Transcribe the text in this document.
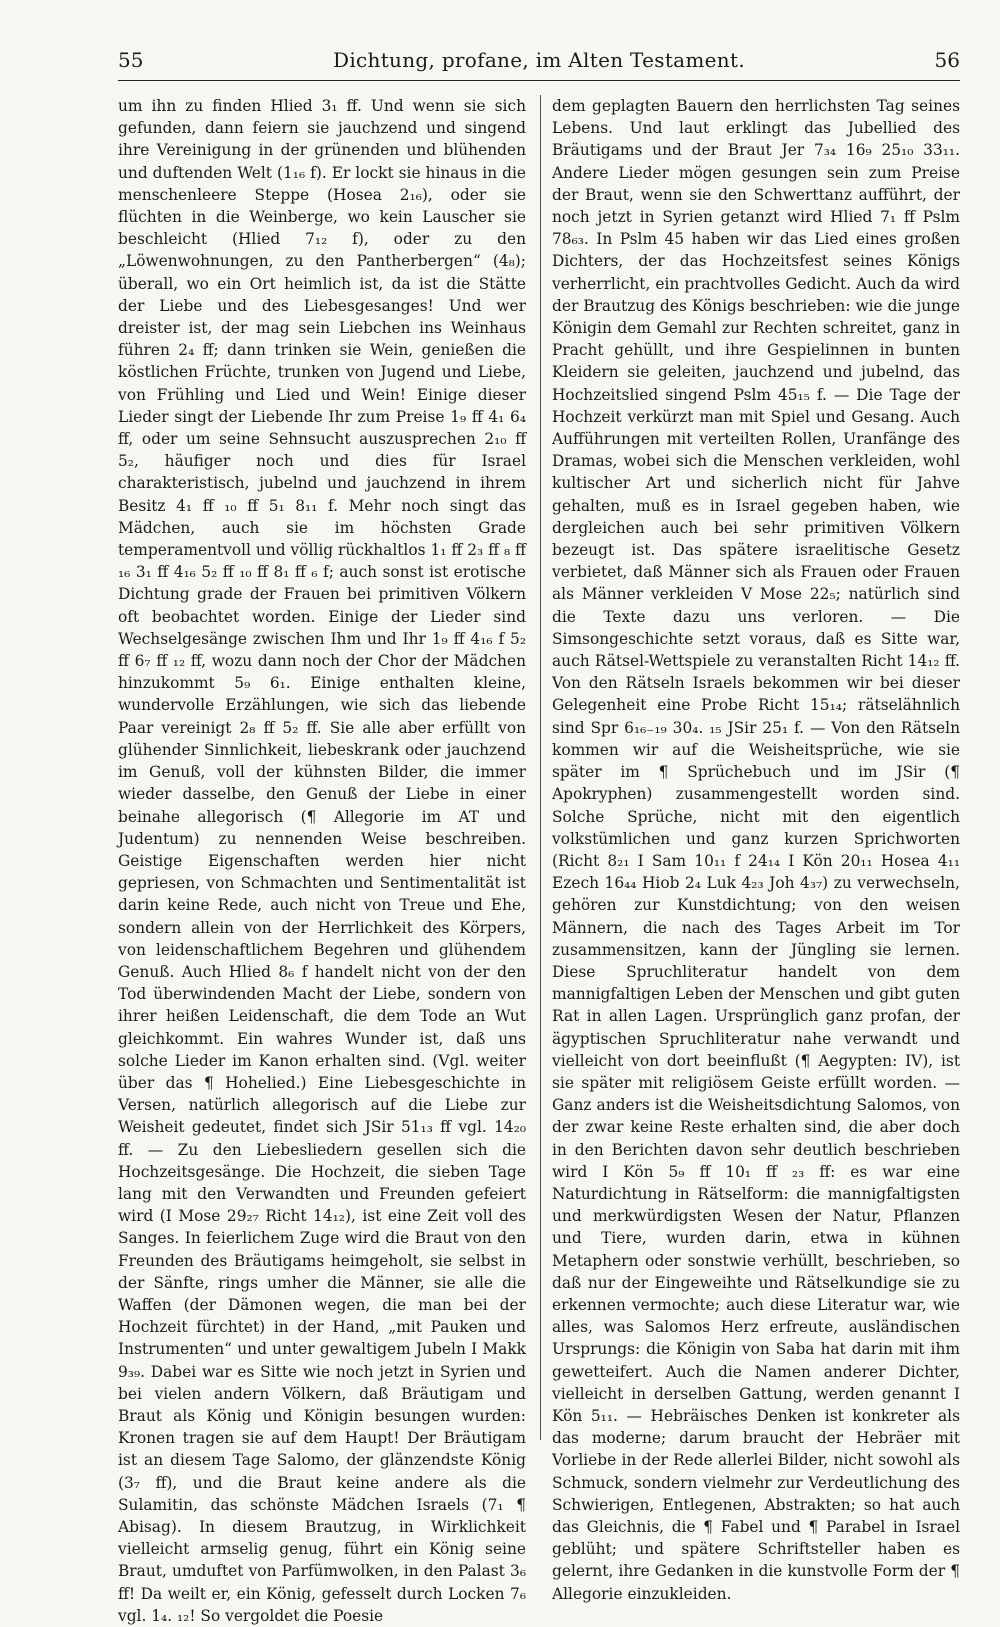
55	Dichtung, profane, im Alten Testament.	56

um ihn zu finden Hlied 3₁ ff. Und wenn sie sich gefunden, dann feiern sie jauchzend und singend ihre Vereinigung in der grünenden und blühenden und duftenden Welt (1₁₆ f). Er lockt sie hinaus in die menschenleere Steppe (Hosea 2₁₆), oder sie flüchten in die Weinberge, wo kein Lauscher sie beschleicht (Hlied 7₁₂ f), oder zu den „Löwenwohnungen, zu den Pantherbergen“ (4₈); überall, wo ein Ort heimlich ist, da ist die Stätte der Liebe und des Liebesgesanges! Und wer dreister ist, der mag sein Liebchen ins Weinhaus führen 2₄ ff; dann trinken sie Wein, genießen die köstlichen Früchte, trunken von Jugend und Liebe, von Frühling und Lied und Wein! Einige dieser Lieder singt der Liebende Ihr zum Preise 1₉ ff 4₁ 6₄ ff, oder um seine Sehnsucht auszusprechen 2₁₀ ff 5₂, häufiger noch und dies für Israel charakteristisch, jubelnd und jauchzend in ihrem Besitz 4₁ ff ₁₀ ff 5₁ 8₁₁ f. Mehr noch singt das Mädchen, auch sie im höchsten Grade temperamentvoll und völlig rückhaltlos 1₁ ff 2₃ ff ₈ ff ₁₆ 3₁ ff 4₁₆ 5₂ ff ₁₀ ff 8₁ ff ₆ f; auch sonst ist erotische Dichtung grade der Frauen bei primitiven Völkern oft beobachtet worden. Einige der Lieder sind Wechselgesänge zwischen Ihm und Ihr 1₉ ff 4₁₆ f 5₂ ff 6₇ ff ₁₂ ff, wozu dann noch der Chor der Mädchen hinzukommt 5₉ 6₁. Einige enthalten kleine, wundervolle Erzählungen, wie sich das liebende Paar vereinigt 2₈ ff 5₂ ff. Sie alle aber erfüllt von glühender Sinnlichkeit, liebeskrank oder jauchzend im Genuß, voll der kühnsten Bilder, die immer wieder dasselbe, den Genuß der Liebe in einer beinahe allegorisch (¶ Allegorie im AT und Judentum) zu nennenden Weise beschreiben. Geistige Eigenschaften werden hier nicht gepriesen, von Schmachten und Sentimentalität ist darin keine Rede, auch nicht von Treue und Ehe, sondern allein von der Herrlichkeit des Körpers, von leidenschaftlichem Begehren und glühendem Genuß. Auch Hlied 8₆ f handelt nicht von der den Tod überwindenden Macht der Liebe, sondern von ihrer heißen Leidenschaft, die dem Tode an Wut gleichkommt. Ein wahres Wunder ist, daß uns solche Lieder im Kanon erhalten sind. (Vgl. weiter über das ¶ Hohelied.) Eine Liebesgeschichte in Versen, natürlich allegorisch auf die Liebe zur Weisheit gedeutet, findet sich JSir 51₁₃ ff vgl. 14₂₀ ff. — Zu den Liebesliedern gesellen sich die Hochzeitsgesänge. Die Hochzeit, die sieben Tage lang mit den Verwandten und Freunden gefeiert wird (I Mose 29₂₇ Richt 14₁₂), ist eine Zeit voll des Sanges. In feierlichem Zuge wird die Braut von den Freunden des Bräutigams heimgeholt, sie selbst in der Sänfte, rings umher die Männer, sie alle die Waffen (der Dämonen wegen, die man bei der Hochzeit fürchtet) in der Hand, „mit Pauken und Instrumenten“ und unter gewaltigem Jubeln I Makk 9₃₉. Dabei war es Sitte wie noch jetzt in Syrien und bei vielen andern Völkern, daß Bräutigam und Braut als König und Königin besungen wurden: Kronen tragen sie auf dem Haupt! Der Bräutigam ist an diesem Tage Salomo, der glänzendste König (3₇ ff), und die Braut keine andere als die Sulamitin, das schönste Mädchen Israels (7₁ ¶ Abisag). In diesem Brautzug, in Wirklichkeit vielleicht armselig genug, führt ein König seine Braut, umduftet von Parfümwolken, in den Palast 3₆ ff! Da weilt er, ein König, gefesselt durch Locken 7₆ vgl. 1₄. ₁₂! So vergoldet die Poesie

dem geplagten Bauern den herrlichsten Tag seines Lebens. Und laut erklingt das Jubellied des Bräutigams und der Braut Jer 7₃₄ 16₉ 25₁₀ 33₁₁. Andere Lieder mögen gesungen sein zum Preise der Braut, wenn sie den Schwerttanz aufführt, der noch jetzt in Syrien getanzt wird Hlied 7₁ ff Pslm 78₆₃. In Pslm 45 haben wir das Lied eines großen Dichters, der das Hochzeitsfest seines Königs verherrlicht, ein prachtvolles Gedicht. Auch da wird der Brautzug des Königs beschrieben: wie die junge Königin dem Gemahl zur Rechten schreitet, ganz in Pracht gehüllt, und ihre Gespielinnen in bunten Kleidern sie geleiten, jauchzend und jubelnd, das Hochzeitslied singend Pslm 45₁₅ f. — Die Tage der Hochzeit verkürzt man mit Spiel und Gesang. Auch Aufführungen mit verteilten Rollen, Uranfänge des Dramas, wobei sich die Menschen verkleiden, wohl kultischer Art und sicherlich nicht für Jahve gehalten, muß es in Israel gegeben haben, wie dergleichen auch bei sehr primitiven Völkern bezeugt ist. Das spätere israelitische Gesetz verbietet, daß Männer sich als Frauen oder Frauen als Männer verkleiden V Mose 22₅; natürlich sind die Texte dazu uns verloren. — Die Simsongeschichte setzt voraus, daß es Sitte war, auch Rätsel-Wettspiele zu veranstalten Richt 14₁₂ ff. Von den Rätseln Israels bekommen wir bei dieser Gelegenheit eine Probe Richt 15₁₄; rätselähnlich sind Spr 6₁₆₋₁₉ 30₄. ₁₅ JSir 25₁ f. — Von den Rätseln kommen wir auf die Weisheitsprüche, wie sie später im ¶ Sprüchebuch und im JSir (¶ Apokryphen) zusammengestellt worden sind. Solche Sprüche, nicht mit den eigentlich volkstümlichen und ganz kurzen Sprichworten (Richt 8₂₁ I Sam 10₁₁ f 24₁₄ I Kön 20₁₁ Hosea 4₁₁ Ezech 16₄₄ Hiob 2₄ Luk 4₂₃ Joh 4₃₇) zu verwechseln, gehören zur Kunstdichtung; von den weisen Männern, die nach des Tages Arbeit im Tor zusammensitzen, kann der Jüngling sie lernen. Diese Spruchliteratur handelt von dem mannigfaltigen Leben der Menschen und gibt guten Rat in allen Lagen. Ursprünglich ganz profan, der ägyptischen Spruchliteratur nahe verwandt und vielleicht von dort beeinflußt (¶ Aegypten: IV), ist sie später mit religiösem Geiste erfüllt worden. — Ganz anders ist die Weisheitsdichtung Salomos, von der zwar keine Reste erhalten sind, die aber doch in den Berichten davon sehr deutlich beschrieben wird I Kön 5₉ ff 10₁ ff ₂₃ ff: es war eine Naturdichtung in Rätselform: die mannigfaltigsten und merkwürdigsten Wesen der Natur, Pflanzen und Tiere, wurden darin, etwa in kühnen Metaphern oder sonstwie verhüllt, beschrieben, so daß nur der Eingeweihte und Rätselkundige sie zu erkennen vermochte; auch diese Literatur war, wie alles, was Salomos Herz erfreute, ausländischen Ursprungs: die Königin von Saba hat darin mit ihm gewetteifert. Auch die Namen anderer Dichter, vielleicht in derselben Gattung, werden genannt I Kön 5₁₁. — Hebräisches Denken ist konkreter als das moderne; darum braucht der Hebräer mit Vorliebe in der Rede allerlei Bilder, nicht sowohl als Schmuck, sondern vielmehr zur Verdeutlichung des Schwierigen, Entlegenen, Abstrakten; so hat auch das Gleichnis, die ¶ Fabel und ¶ Parabel in Israel geblüht; und spätere Schriftsteller haben es gelernt, ihre Gedanken in die kunstvolle Form der ¶ Allegorie einzukleiden.
